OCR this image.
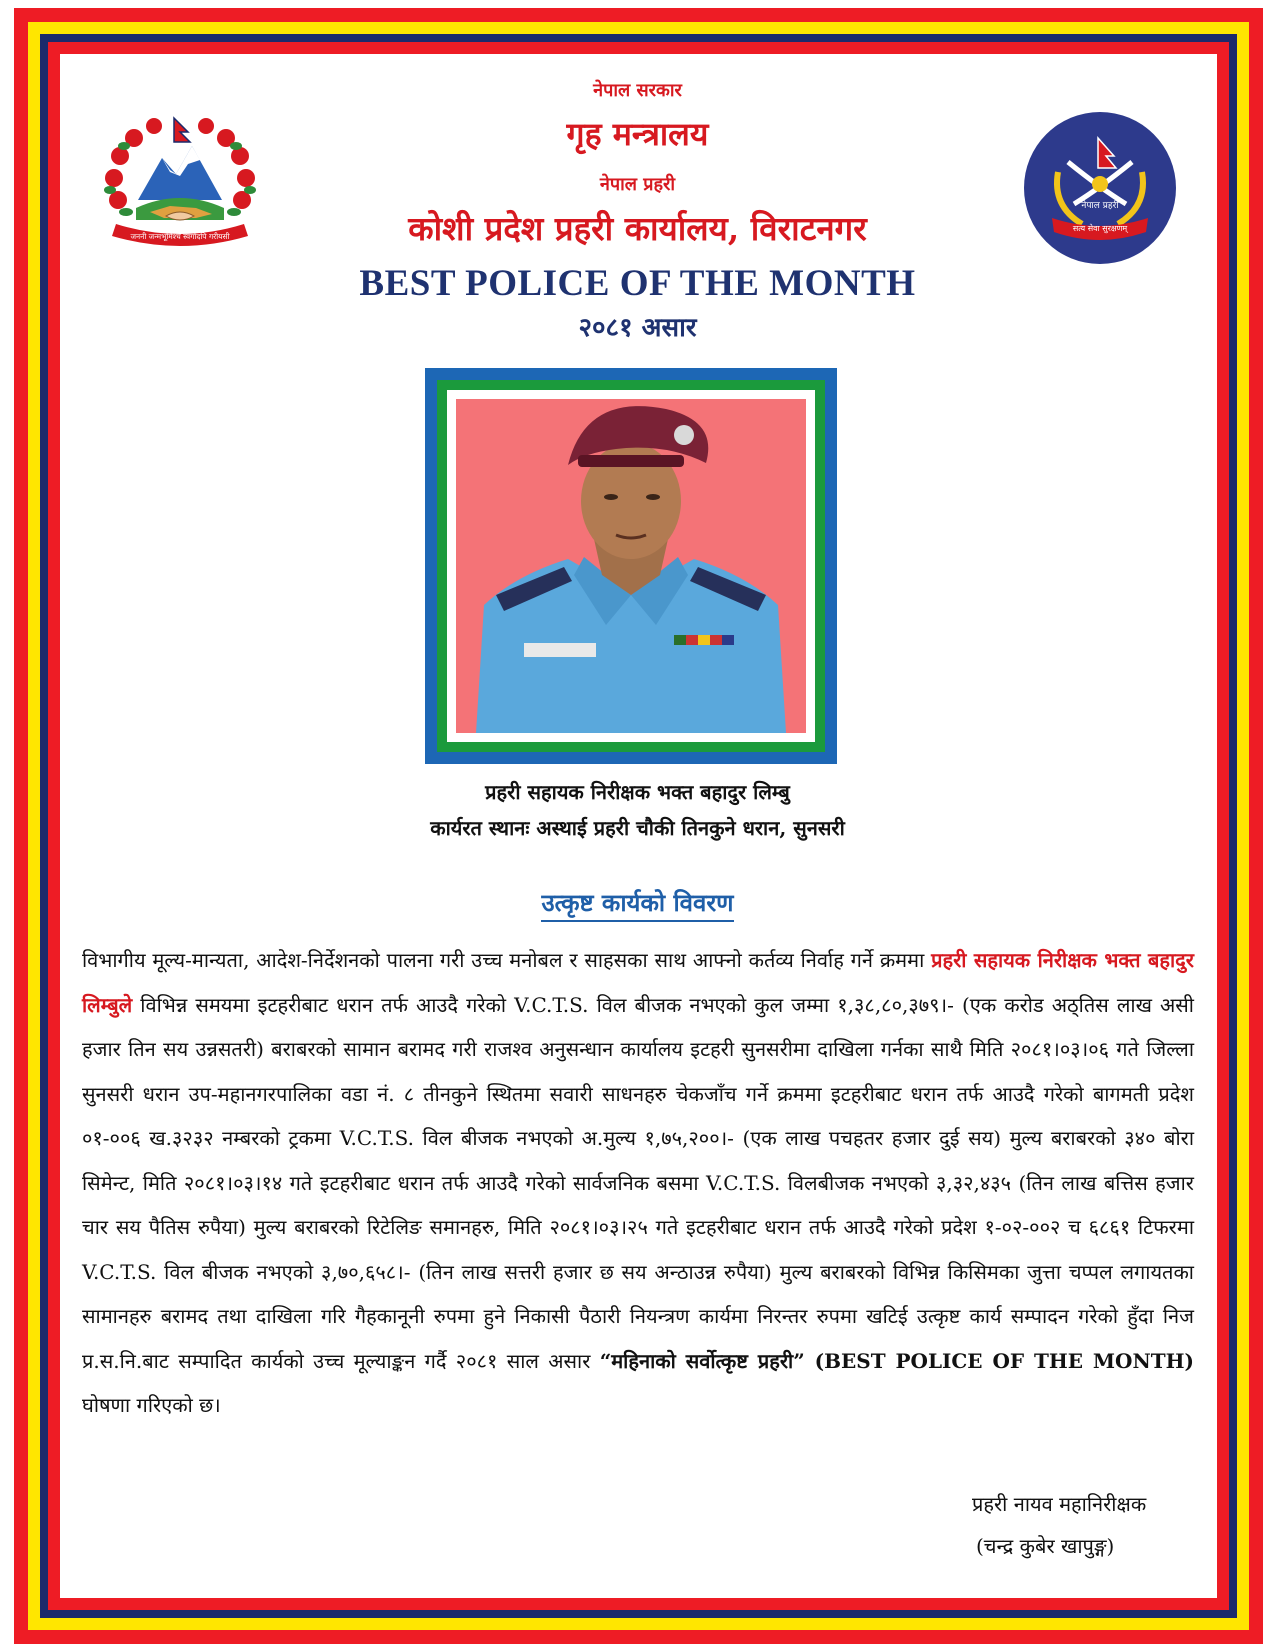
जननी जन्मभूमिश्च स्वर्गादपि गरीयसी
नेपाल प्रहरी
सत्य सेवा सुरक्षणम्
नेपाल सरकार
गृह मन्त्रालय
नेपाल प्रहरी
कोशी प्रदेश प्रहरी कार्यालय, विराटनगर
BEST POLICE OF THE MONTH
२०८१ असार
प्रहरी सहायक निरीक्षक भक्त बहादुर लिम्बु
कार्यरत स्थानः अस्थाई प्रहरी चौकी तिनकुने धरान, सुनसरी
उत्कृष्ट कार्यको विवरण
विभागीय मूल्य-मान्यता, आदेश-निर्देशनको पालना गरी उच्च मनोबल र साहसका साथ आफ्नो कर्तव्य निर्वाह गर्ने क्रममा प्रहरी सहायक निरीक्षक भक्त बहादुर लिम्बुले विभिन्न समयमा इटहरीबाट धरान तर्फ आउदै गरेको V.C.T.S. विल बीजक नभएको कुल जम्मा १,३८,८०,३७९।- (एक करोड अठ्तिस लाख असी हजार तिन सय उन्नसतरी) बराबरको सामान बरामद गरी राजश्व अनुसन्धान कार्यालय इटहरी सुनसरीमा दाखिला गर्नका साथै मिति २०८१।०३।०६ गते जिल्ला सुनसरी धरान उप-महानगरपालिका वडा नं. ८ तीनकुने स्थितमा सवारी साधनहरु चेकजाँच गर्ने क्रममा इटहरीबाट धरान तर्फ आउदै गरेको बागमती प्रदेश ०१-००६ ख.३२३२ नम्बरको ट्रकमा V.C.T.S. विल बीजक नभएको अ.मुल्य १,७५,२००।- (एक लाख पचहतर हजार दुई सय) मुल्य बराबरको ३४० बोरा सिमेन्ट, मिति २०८१।०३।१४ गते इटहरीबाट धरान तर्फ आउदै गरेको सार्वजनिक बसमा V.C.T.S. विलबीजक नभएको ३,३२,४३५ (तिन लाख बत्तिस हजार चार सय पैतिस रुपैया) मुल्य बराबरको रिटेलिङ समानहरु, मिति २०८१।०३।२५ गते इटहरीबाट धरान तर्फ आउदै गरेको प्रदेश १-०२-००२ च ६८६१ टिफरमा V.C.T.S. विल बीजक नभएको ३,७०,६५८।- (तिन लाख सत्तरी हजार छ सय अन्ठाउन्न रुपैया) मुल्य बराबरको विभिन्न किसिमका जुत्ता चप्पल लगायतका सामानहरु बरामद तथा दाखिला गरि गैहकानूनी रुपमा हुने निकासी पैठारी नियन्त्रण कार्यमा निरन्तर रुपमा खटिई उत्कृष्ट कार्य सम्पादन गरेको हुँदा निज प्र.स.नि.बाट सम्पादित कार्यको उच्च मूल्याङ्कन गर्दै २०८१ साल असार “महिनाको सर्वोत्कृष्ट प्रहरी” (BEST POLICE OF THE MONTH) घोषणा गरिएको छ।
प्रहरी नायव महानिरीक्षक
(चन्द्र कुबेर खापुङ्ग)
